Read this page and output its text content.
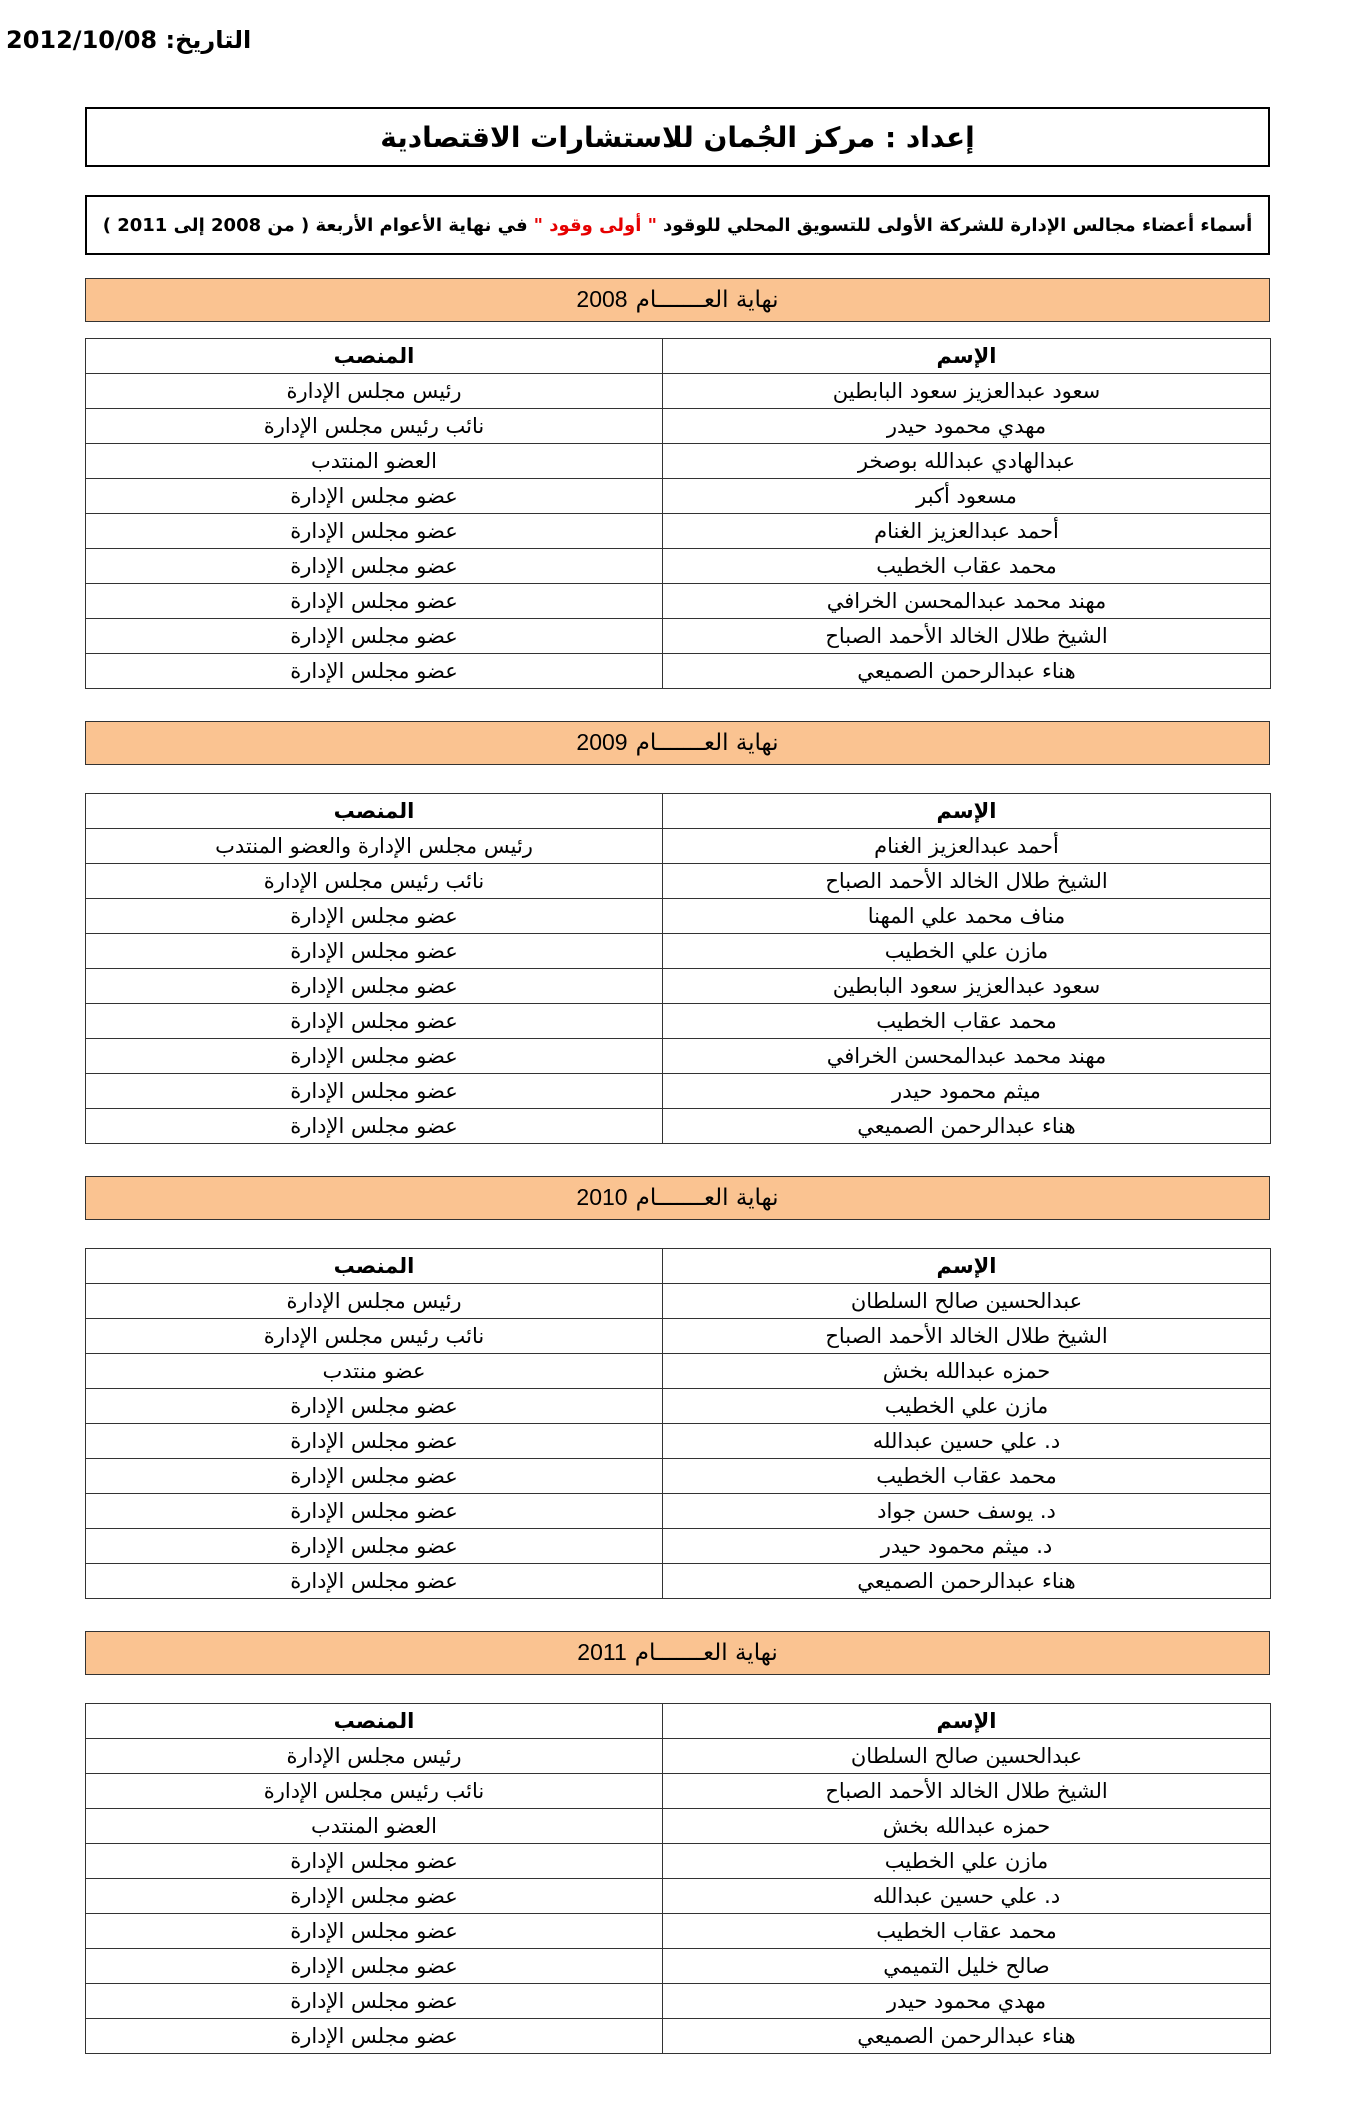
التاريخ: 2012/10/08
إعداد : مركز الجُمان للاستشارات الاقتصادية
أسماء أعضاء مجالس الإدارة للشركة الأولى للتسويق المحلي للوقود
" أولى وقود "
في نهاية الأعوام الأربعة ( من 2008 إلى 2011 )
نهاية العـــــــام2008
الإسم	المنصب
سعود عبدالعزيز سعود البابطين	رئيس مجلس الإدارة
مهدي محمود حيدر	نائب رئيس مجلس الإدارة
عبدالهادي عبدالله بوصخر	العضو المنتدب
مسعود أكبر	عضو مجلس الإدارة
أحمد عبدالعزيز الغنام	عضو مجلس الإدارة
محمد عقاب الخطيب	عضو مجلس الإدارة
مهند محمد عبدالمحسن الخرافي	عضو مجلس الإدارة
الشيخ طلال الخالد الأحمد الصباح	عضو مجلس الإدارة
هناء عبدالرحمن الصميعي	عضو مجلس الإدارة
نهاية العـــــــام2009
الإسم	المنصب
أحمد عبدالعزيز الغنام	رئيس مجلس الإدارة والعضو المنتدب
الشيخ طلال الخالد الأحمد الصباح	نائب رئيس مجلس الإدارة
مناف محمد علي المهنا	عضو مجلس الإدارة
مازن علي الخطيب	عضو مجلس الإدارة
سعود عبدالعزيز سعود البابطين	عضو مجلس الإدارة
محمد عقاب الخطيب	عضو مجلس الإدارة
مهند محمد عبدالمحسن الخرافي	عضو مجلس الإدارة
ميثم محمود حيدر	عضو مجلس الإدارة
هناء عبدالرحمن الصميعي	عضو مجلس الإدارة
نهاية العـــــــام2010
الإسم	المنصب
عبدالحسين صالح السلطان	رئيس مجلس الإدارة
الشيخ طلال الخالد الأحمد الصباح	نائب رئيس مجلس الإدارة
حمزه عبدالله بخش	عضو منتدب
مازن علي الخطيب	عضو مجلس الإدارة
د. علي حسين عبدالله	عضو مجلس الإدارة
محمد عقاب الخطيب	عضو مجلس الإدارة
د. يوسف حسن جواد	عضو مجلس الإدارة
د. ميثم محمود حيدر	عضو مجلس الإدارة
هناء عبدالرحمن الصميعي	عضو مجلس الإدارة
نهاية العـــــــام2011
الإسم	المنصب
عبدالحسين صالح السلطان	رئيس مجلس الإدارة
الشيخ طلال الخالد الأحمد الصباح	نائب رئيس مجلس الإدارة
حمزه عبدالله بخش	العضو المنتدب
مازن علي الخطيب	عضو مجلس الإدارة
د. علي حسين عبدالله	عضو مجلس الإدارة
محمد عقاب الخطيب	عضو مجلس الإدارة
صالح خليل التميمي	عضو مجلس الإدارة
مهدي محمود حيدر	عضو مجلس الإدارة
هناء عبدالرحمن الصميعي	عضو مجلس الإدارة
